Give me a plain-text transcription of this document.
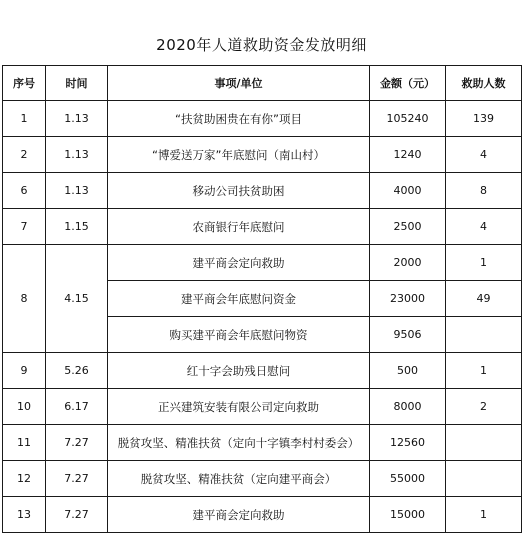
2020年人道救助资金发放明细
序号	时间	事项/单位	金额（元）	救助人数
1	1.13	“扶贫助困贵在有你”项目	105240	139
2	1.13	“博爱送万家”年底慰问（南山村）	1240	4
6	1.13	移动公司扶贫助困	4000	8
7	1.15	农商银行年底慰问	2500	4
8	4.15	建平商会定向救助	2000	1
		建平商会年底慰问资金	23000	49
		购买建平商会年底慰问物资	9506	
9	5.26	红十字会助残日慰问	500	1
10	6.17	正兴建筑安装有限公司定向救助	8000	2
11	7.27	脱贫攻坚、精准扶贫（定向十字镇李村村委会）	12560	
12	7.27	脱贫攻坚、精准扶贫（定向建平商会）	55000	
13	7.27	建平商会定向救助	15000	1
